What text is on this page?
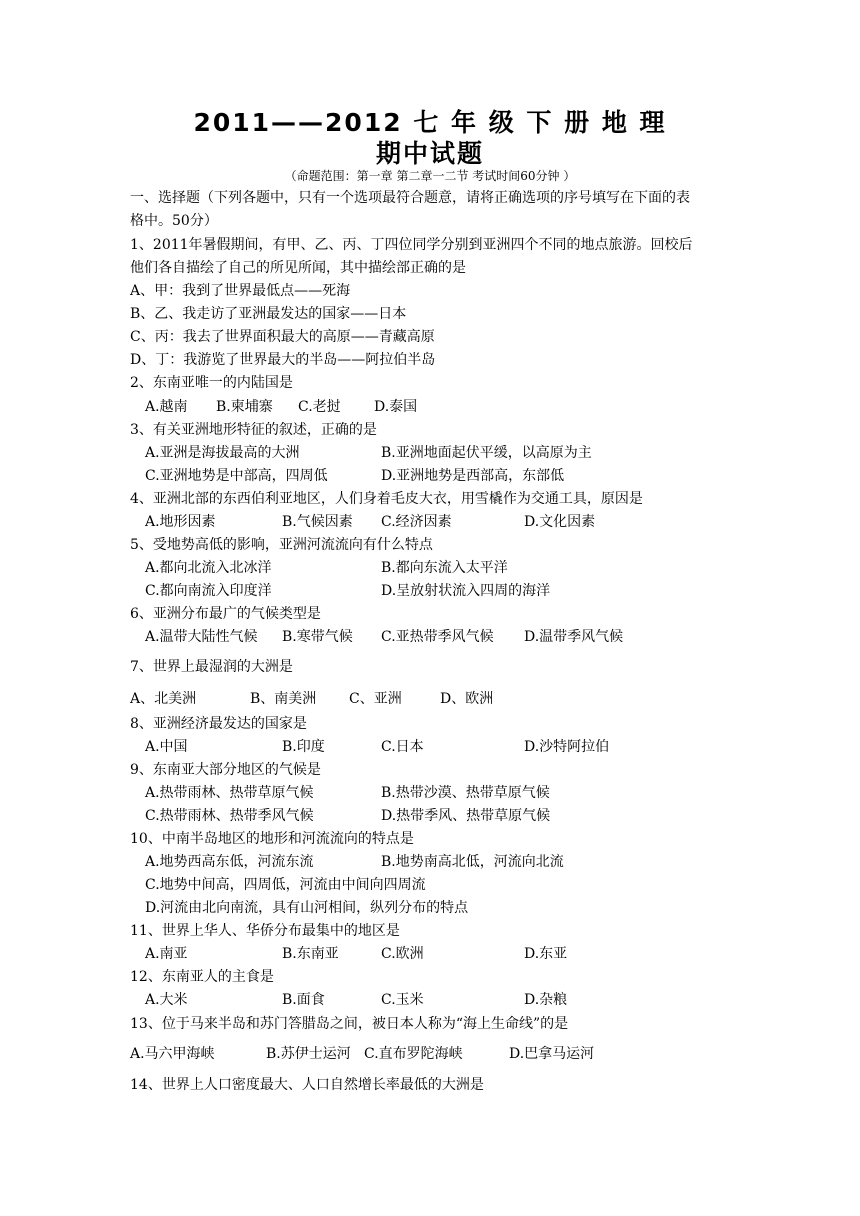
2011——2012 七 年 级 下 册 地 理
期中试题
（命题范围：第一章 第二章一二节 考试时间60分钟 ）
一、选择题（下列各题中，只有一个选项最符合题意，请将正确选项的序号填写在下面的表
格中。50分）
1、2011年暑假期间，有甲、乙、丙、丁四位同学分别到亚洲四个不同的地点旅游。回校后
他们各自描绘了自己的所见所闻，其中描绘部正确的是
A、甲：我到了世界最低点——死海
B、乙、我走访了亚洲最发达的国家——日本
C、丙：我去了世界面积最大的高原——青藏高原
D、丁：我游览了世界最大的半岛——阿拉伯半岛
2、东南亚唯一的内陆国是
A.越南 B.柬埔寨 C.老挝 D.泰国
3、有关亚洲地形特征的叙述，正确的是
A.亚洲是海拔最高的大洲	B.亚洲地面起伏平缓，以高原为主
C.亚洲地势是中部高，四周低	D.亚洲地势是西部高，东部低
4、亚洲北部的东西伯利亚地区，人们身着毛皮大衣，用雪橇作为交通工具，原因是
A.地形因素	B.气候因素 C.经济因素	D.文化因素
5、受地势高低的影响，亚洲河流流向有什么特点
A.都向北流入北冰洋	B.都向东流入太平洋
C.都向南流入印度洋	D.呈放射状流入四周的海洋
6、亚洲分布最广的气候类型是
A.温带大陆性气候 B.寒带气候 C.亚热带季风气候 D.温带季风气候
7、世界上最湿润的大洲是
A、北美洲	B、南美洲 C、亚洲	D、欧洲
8、亚洲经济最发达的国家是
A.中国	B.印度	C.日本	D.沙特阿拉伯
9、东南亚大部分地区的气候是
A.热带雨林、热带草原气候	B.热带沙漠、热带草原气候
C.热带雨林、热带季风气候	D.热带季风、热带草原气候
10、中南半岛地区的地形和河流流向的特点是
A.地势西高东低，河流东流	B.地势南高北低，河流向北流
C.地势中间高，四周低，河流由中间向四周流
D.河流由北向南流，具有山河相间，纵列分布的特点
11、世界上华人、华侨分布最集中的地区是
A.南亚	B.东南亚	C.欧洲	D.东亚
12、东南亚人的主食是
A.大米	B.面食	C.玉米	D.杂粮
13、位于马来半岛和苏门答腊岛之间，被日本人称为“海上生命线”的是
A.马六甲海峡	B.苏伊士运河 C.直布罗陀海峡	D.巴拿马运河
14、世界上人口密度最大、人口自然增长率最低的大洲是
